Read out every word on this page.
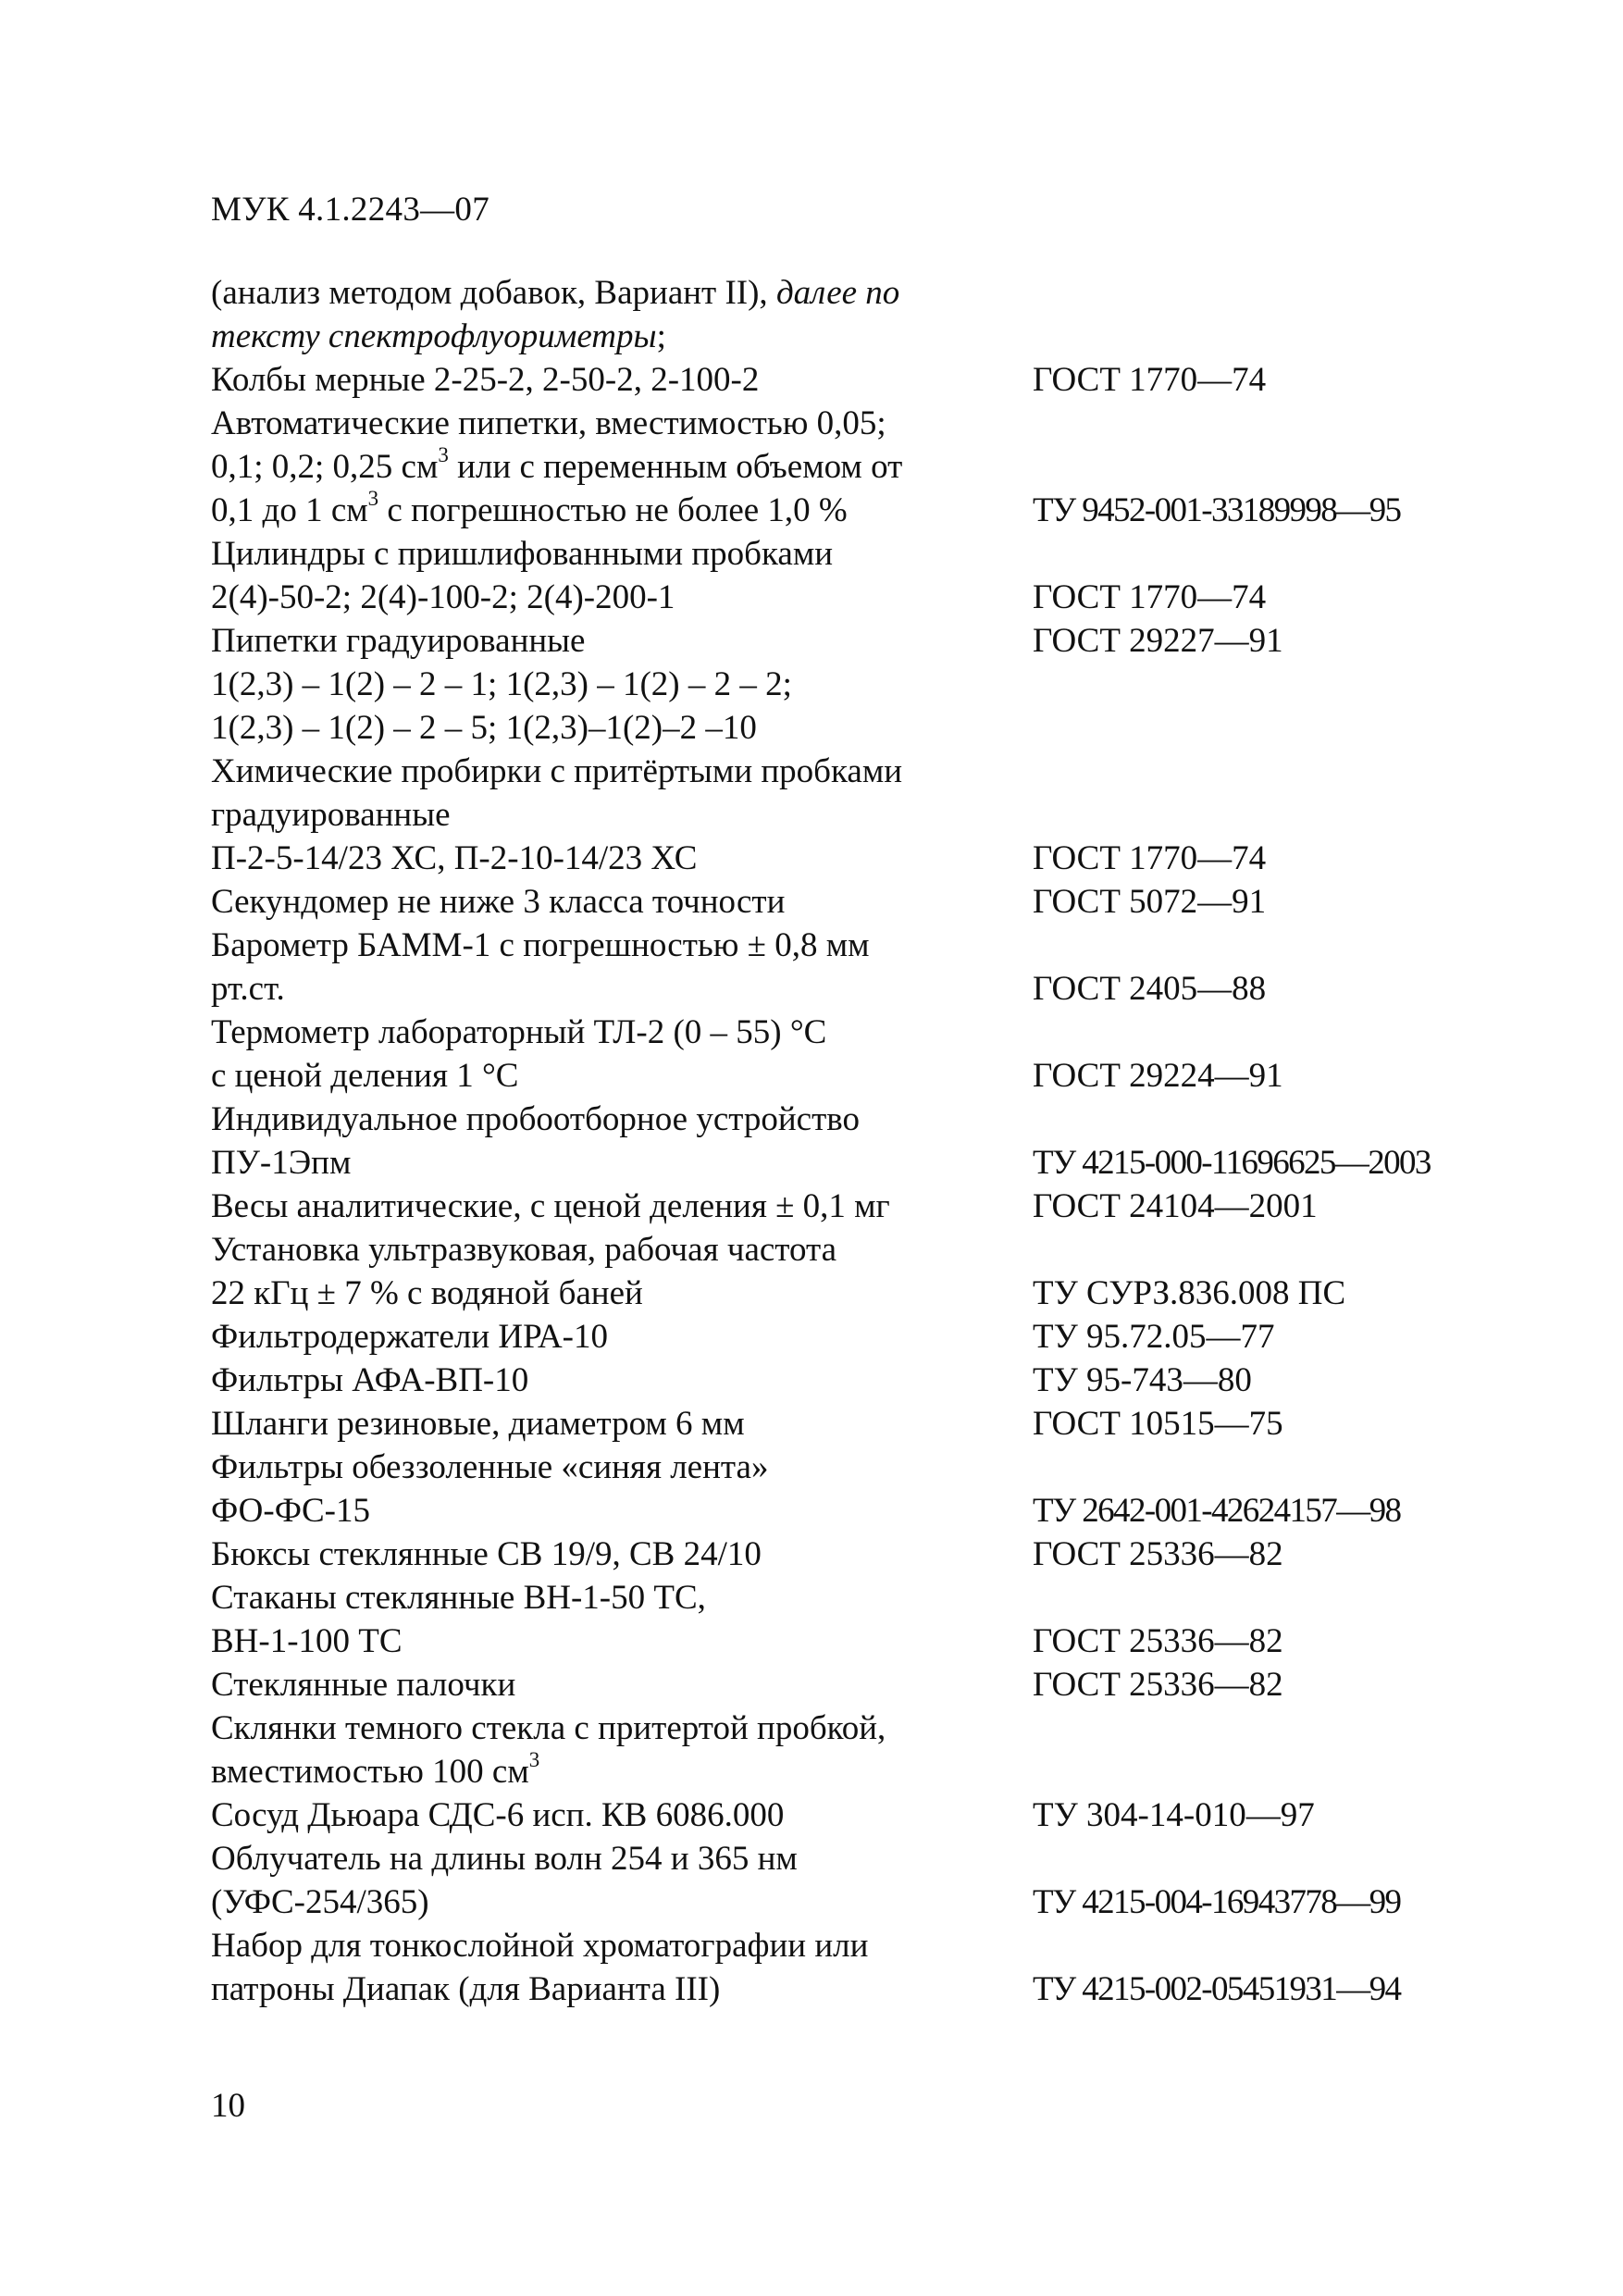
МУК 4.1.2243—07
(анализ методом добавок, Вариант II), далее по
тексту спектрофлуориметры;
Колбы мерные 2-25-2, 2-50-2, 2-100-2	ГОСТ 1770—74
Автоматические пипетки, вместимостью 0,05;
0,1; 0,2; 0,25 $см^3$ или с переменным объемом от
0,1 до 1 $см^3$ с погрешностью не более 1,0 %	ТУ 9452-001-33189998—95
Цилиндры с пришлифованными пробками
2(4)-50-2; 2(4)-100-2; 2(4)-200-1	ГОСТ 1770—74
Пипетки градуированные	ГОСТ 29227—91
1(2,3) – 1(2) – 2 – 1; 1(2,3) – 1(2) – 2 – 2;
1(2,3) – 1(2) – 2 – 5; 1(2,3)–1(2)–2 –10
Химические пробирки с притёртыми пробками
градуированные
П-2-5-14/23 ХС, П-2-10-14/23 ХС	ГОСТ 1770—74
Секундомер не ниже 3 класса точности	ГОСТ 5072—91
Барометр БАММ-1 с погрешностью ± 0,8 мм
рт.ст.	ГОСТ 2405—88
Термометр лабораторный ТЛ-2 (0 – 55) °С
с ценой деления 1 °С	ГОСТ 29224—91
Индивидуальное пробоотборное устройство
ПУ-1Эпм	ТУ 4215-000-11696625—2003
Весы аналитические, с ценой деления ± 0,1 мг	ГОСТ 24104—2001
Установка ультразвуковая, рабочая частота
22 кГц ± 7 % с водяной баней	ТУ СУРЗ.836.008 ПС
Фильтродержатели ИРА-10	ТУ 95.72.05—77
Фильтры АФА-ВП-10	ТУ 95-743—80
Шланги резиновые, диаметром 6 мм	ГОСТ 10515—75
Фильтры обеззоленные «синяя лента»
ФО-ФС-15	ТУ 2642-001-42624157—98
Бюксы стеклянные СВ 19/9, СВ 24/10	ГОСТ 25336—82
Стаканы стеклянные ВН-1-50 ТС,
ВН-1-100 ТС	ГОСТ 25336—82
Стеклянные палочки	ГОСТ 25336—82
Склянки темного стекла с притертой пробкой,
вместимостью 100 $см^3$
Сосуд Дьюара СДС-6 исп. КВ 6086.000	ТУ 304-14-010—97
Облучатель на длины волн 254 и 365 нм
(УФС-254/365)	ТУ 4215-004-16943778—99
Набор для тонкослойной хроматографии или
патроны Диапак (для Варианта III)	ТУ 4215-002-05451931—94
10
